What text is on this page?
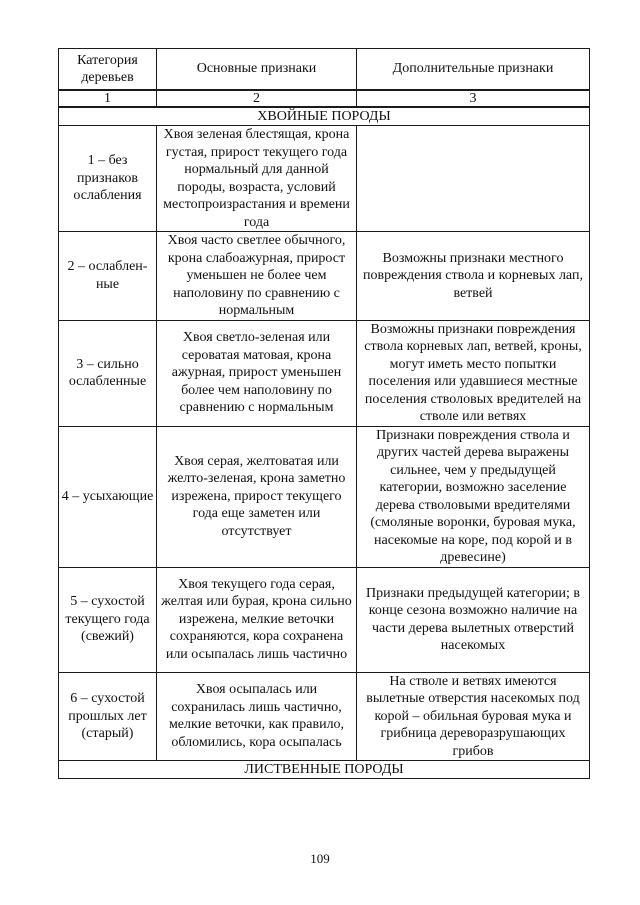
Категория деревьев	Основные признаки	Дополнительные признаки
1	2	3
ХВОЙНЫЕ ПОРОДЫ		
1 – без признаков ослабления	Хвоя зеленая блестящая, крона густая, прирост текущего года нормальный для данной породы, возраста, условий местопроизрастания и времени года	
2 – ослабленные	Хвоя часто светлее обычного, крона слабоажурная, прирост уменьшен не более чем наполовину по сравнению с нормальным	Возможны признаки местного повреждения ствола и корневых лап, ветвей
3 – сильно ослабленные	Хвоя светло-зеленая или сероватая матовая, крона ажурная, прирост уменьшен более чем наполовину по сравнению с нормальным	Возможны признаки повреждения ствола корневых лап, ветвей, кроны, могут иметь место попытки поселения или удавшиеся местные поселения стволовых вредителей на стволе или ветвях
4 – усыхающие	Хвоя серая, желтоватая или желто-зеленая, крона заметно изрежена, прирост текущего года еще заметен или отсутствует	Признаки повреждения ствола и других частей дерева выражены сильнее, чем у предыдущей категории, возможно заселение дерева стволовыми вредителями (смоляные воронки, буровая мука, насекомые на коре, под корой и в древесине)
5 – сухостой текущего года (свежий)	Хвоя текущего года серая, желтая или бурая, крона сильно изрежена, мелкие веточки сохраняются, кора сохранена или осыпалась лишь частично	Признаки предыдущей категории; в конце сезона возможно наличие на части дерева вылетных отверстий насекомых
6 – сухостой прошлых лет (старый)	Хвоя осыпалась или сохранилась лишь частично, мелкие веточки, как правило, обломились, кора осыпалась	На стволе и ветвях имеются вылетные отверстия насекомых под корой – обильная буровая мука и грибница дереворазрушающих грибов
ЛИСТВЕННЫЕ ПОРОДЫ		
109
